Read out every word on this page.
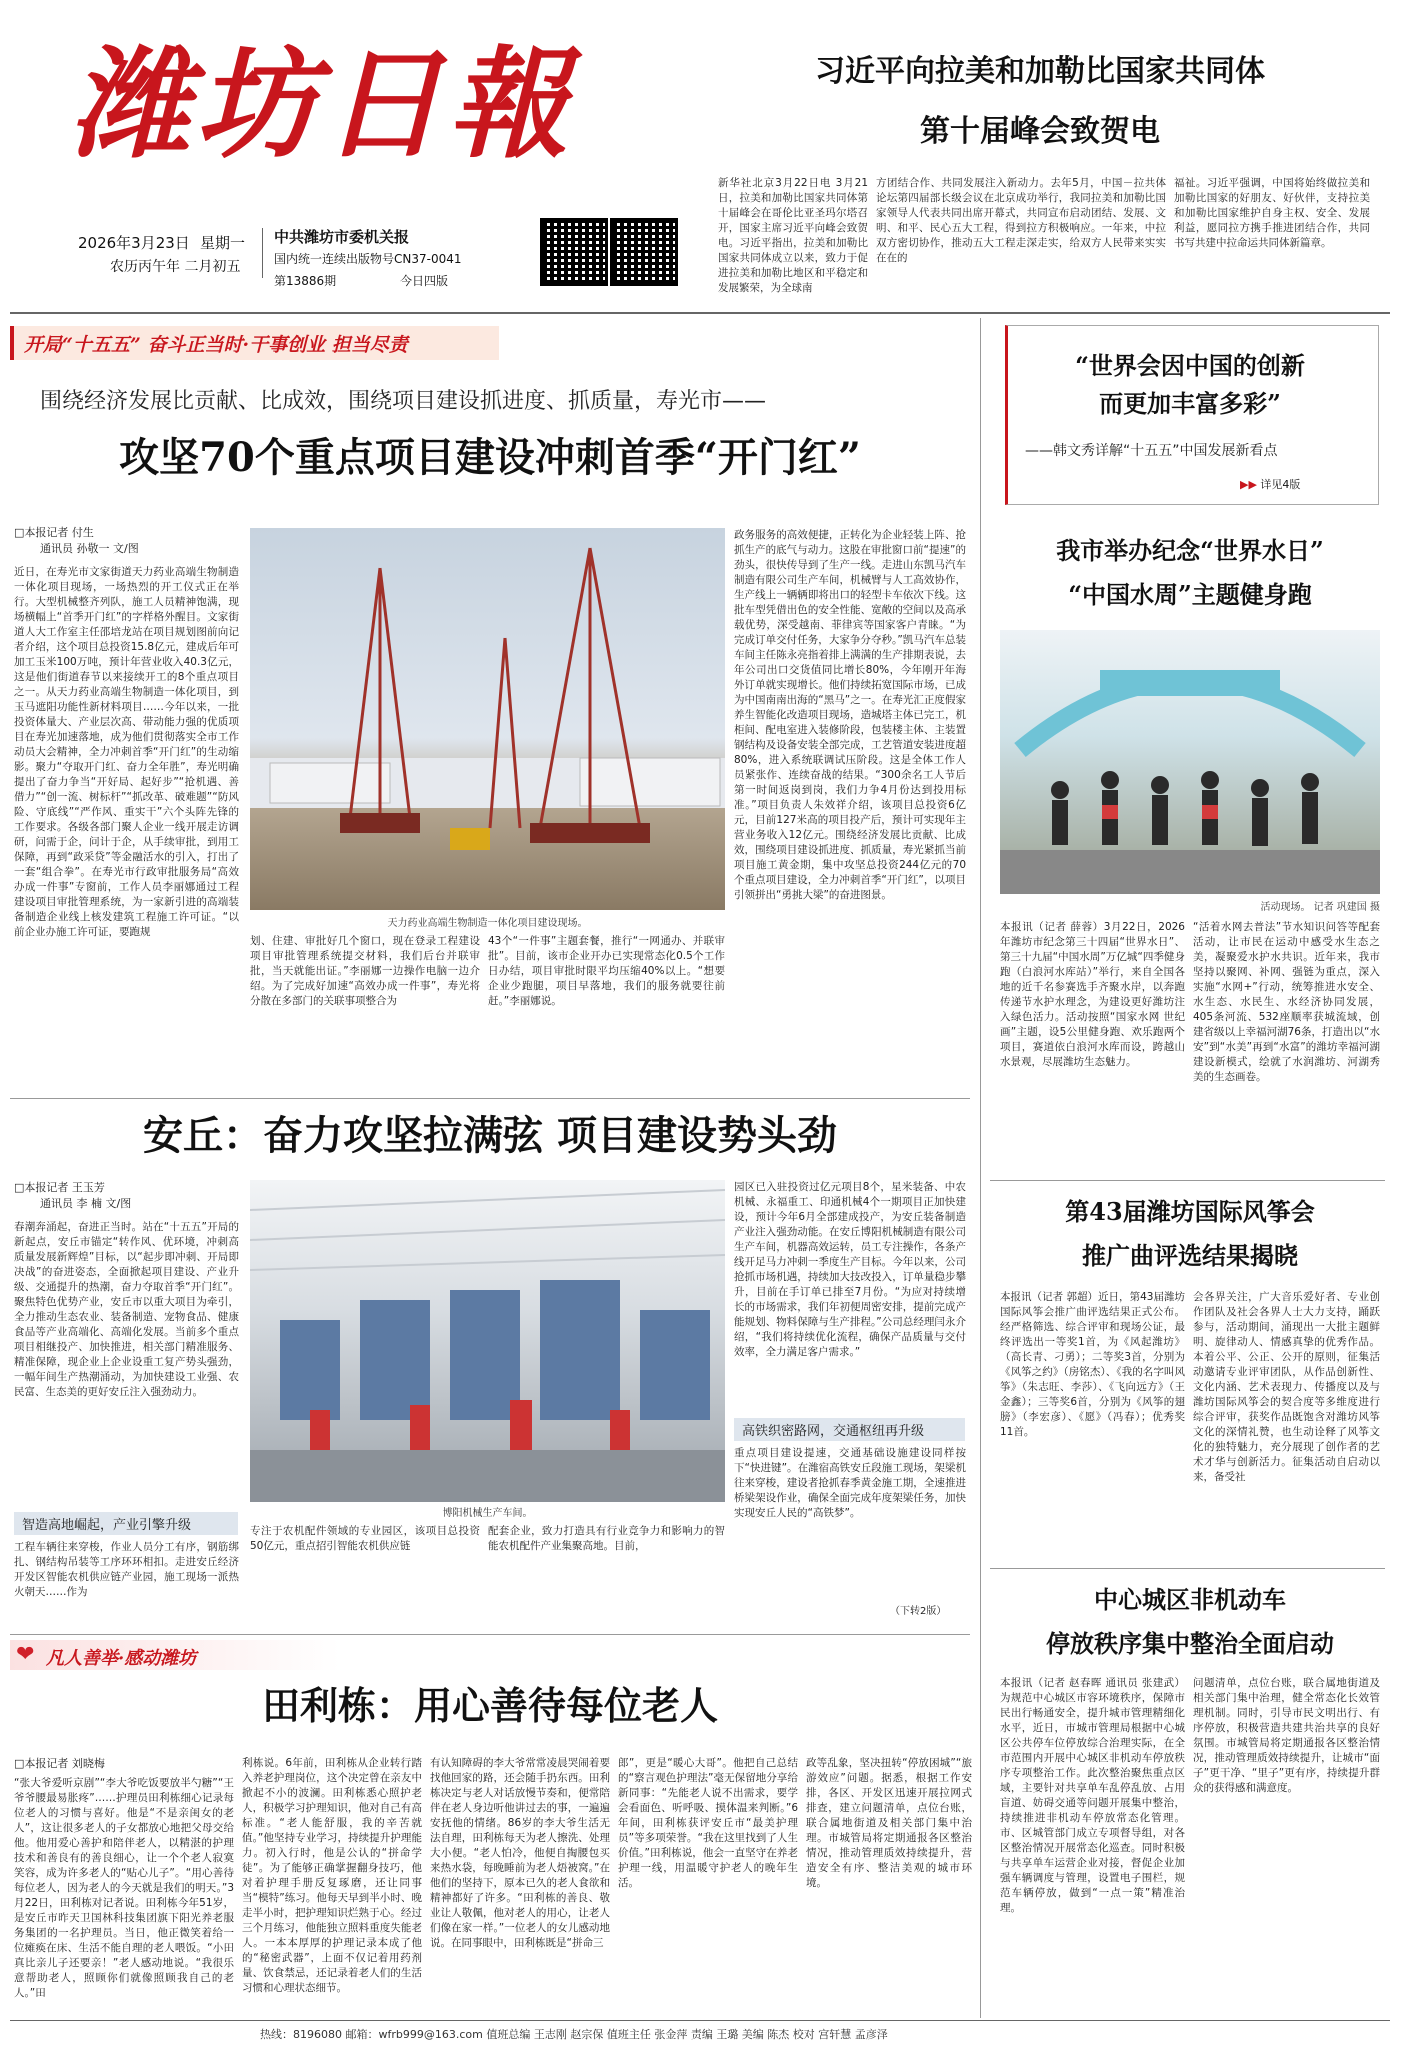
潍坊日報
2026年3月23日 星期一
农历丙午年 二月初五
中共潍坊市委机关报
国内统一连续出版物号CN37-0041
第13886期	今日四版
习近平向拉美和加勒比国家共同体
第十届峰会致贺电
新华社北京3月22日电 3月21日，拉美和加勒比国家共同体第十届峰会在哥伦比亚圣玛尔塔召开，国家主席习近平向峰会致贺电。习近平指出，拉美和加勒比国家共同体成立以来，致力于促进拉美和加勒比地区和平稳定和发展繁荣，为全球南
方团结合作、共同发展注入新动力。去年5月，中国－拉共体论坛第四届部长级会议在北京成功举行，我同拉美和加勒比国家领导人代表共同出席开幕式，共同宣布启动团结、发展、文明、和平、民心五大工程，得到拉方积极响应。一年来，中拉双方密切协作，推动五大工程走深走实，给双方人民带来实实在在的
福祉。习近平强调，中国将始终做拉美和加勒比国家的好朋友、好伙伴，支持拉美和加勒比国家维护自身主权、安全、发展利益，愿同拉方携手推进团结合作，共同书写共建中拉命运共同体新篇章。
开局“十五五” 奋斗正当时·干事创业 担当尽责
围绕经济发展比贡献、比成效，围绕项目建设抓进度、抓质量，寿光市——
攻坚70个重点项目建设冲刺首季“开门红”
□本报记者 付生
通讯员 孙敬一 文/图
近日，在寿光市文家街道天力药业高端生物制造一体化项目现场，一场热烈的开工仪式正在举行。大型机械整齐列队，施工人员精神饱满，现场横幅上“首季开门红”的字样格外醒目。文家街道人大工作室主任邵培龙站在项目规划图前向记者介绍，这个项目总投资15.8亿元，建成后年可加工玉米100万吨，预计年营业收入40.3亿元，这是他们街道春节以来接续开工的8个重点项目之一。从天力药业高端生物制造一体化项目，到玉马遮阳功能性新材料项目……今年以来，一批投资体量大、产业层次高、带动能力强的优质项目在寿光加速落地，成为他们贯彻落实全市工作动员大会精神，全力冲刺首季“开门红”的生动缩影。聚力“夺取开门红、奋力全年胜”，寿光明确提出了奋力争当“开好局、起好步”“抢机遇、善借力”“创一流、树标杆”“抓改革、破难题”“防风险、守底线”“严作风、重实干”六个头阵先锋的工作要求。各级各部门聚人企业一线开展走访调研，问需于企，问计于企，从手续审批，到用工保障，再到“政采贷”等金融活水的引入，打出了一套“组合拳”。在寿光市行政审批服务局“高效办成一件事”专窗前，工作人员李丽娜通过工程建设项目审批管理系统，为一家新引进的高端装备制造企业线上核发建筑工程施工许可证。“以前企业办施工许可证，要跑规
天力药业高端生物制造一体化项目建设现场。
划、住建、审批好几个窗口，现在登录工程建设项目审批管理系统提交材料，我们后台并联审批，当天就能出证。”李丽娜一边操作电脑一边介绍。为了完成好加速“高效办成一件事”，寿光将分散在多部门的关联事项整合为
43个“一件事”主题套餐，推行“一网通办、并联审批”。目前，该市企业开办已实现常态化0.5个工作日办结，项目审批时限平均压缩40%以上。“想要企业少跑腿，项目早落地，我们的服务就要往前赶。”李丽娜说。
政务服务的高效便捷，正转化为企业轻装上阵、抢抓生产的底气与动力。这股在审批窗口前“提速”的劲头，很快传导到了生产一线。走进山东凯马汽车制造有限公司生产车间，机械臂与人工高效协作，生产线上一辆辆即将出口的轻型卡车依次下线。这批车型凭借出色的安全性能、宽敞的空间以及高承载优势，深受越南、菲律宾等国家客户青睐。“为完成订单交付任务，大家争分夺秒。”凯马汽车总装车间主任陈永亮指着排上满满的生产排期表说，去年公司出口交货值同比增长80%，今年刚开年海外订单就实现增长。他们持续拓宽国际市场，已成为中国南南出海的“黑马”之一。在寿光汇正度假家养生智能化改造项目现场，造城塔主体已完工，机柜间、配电室进入装修阶段，包装楼主体、主装置钢结构及设备安装全部完成，工艺管道安装进度超80%，进入系统联调试压阶段。这是全体工作人员紧张作、连续奋战的结果。“300余名工人节后第一时间返岗到岗，我们力争4月份达到投用标准。”项目负责人朱效祥介绍，该项目总投资6亿元，目前127米高的项目投产后，预计可实现年主营业务收入12亿元。围绕经济发展比贡献、比成效，围绕项目建设抓进度、抓质量，寿光紧抓当前项目施工黄金期，集中攻坚总投资244亿元的70个重点项目建设，全力冲刺首季“开门红”，以项目引领拼出“勇挑大梁”的奋进图景。
安丘：奋力攻坚拉满弦 项目建设势头劲
□本报记者 王玉芳
通讯员 李 楠 文/图
春潮奔涌起，奋进正当时。站在“十五五”开局的新起点，安丘市锚定“转作风、优环境，冲刺高质量发展新辉煌”目标，以“起步即冲刺、开局即决战”的奋进姿态，全面掀起项目建设、产业升级、交通提升的热潮，奋力夺取首季“开门红”。聚焦特色优势产业，安丘市以重大项目为牵引，全力推动生态农业、装备制造、宠物食品、健康食品等产业高端化、高端化发展。当前多个重点项目相继投产、加快推进，相关部门精准服务、精准保障，现企业上企业设重工复产势头强劲，一幅年间生产热潮涌动，为加快建设工业强、农民富、生态美的更好安丘注入强劲动力。
智造高地崛起，产业引擎升级
工程车辆往来穿梭，作业人员分工有序，钢筋绑扎、钢结构吊装等工序环环相扣。走进安丘经济开发区智能农机供应链产业园，施工现场一派热火朝天……作为
博阳机械生产车间。
专注于农机配件领域的专业园区，该项目总投资50亿元，重点招引智能农机供应链
配套企业，致力打造具有行业竞争力和影响力的智能农机配件产业集聚高地。目前，
园区已入驻投资过亿元项目8个，星米装备、中农机械、永福重工、印通机械4个一期项目正加快建设，预计今年6月全部建成投产，为安丘装备制造产业注入强劲动能。在安丘博阳机械制造有限公司生产车间，机器高效运转，员工专注操作，各条产线开足马力冲刺一季度生产目标。今年以来，公司抢抓市场机遇，持续加大技改投入，订单量稳步攀升，目前在手订单已排至7月份。“为应对持续增长的市场需求，我们年初便周密安排，提前完成产能规划、物料保障与生产排程。”公司总经理闫永介绍，“我们将持续优化流程，确保产品质量与交付效率，全力满足客户需求。”
高铁织密路网，交通枢纽再升级
重点项目建设提速，交通基础设施建设同样按下“快进键”。在潍宿高铁安丘段施工现场，架梁机往来穿梭，建设者抢抓春季黄金施工期，全速推进桥梁架设作业，确保全面完成年度架梁任务，加快实现安丘人民的“高铁梦”。
（下转2版）
❤ 凡人善举·感动潍坊
田利栋：用心善待每位老人
□本报记者 刘晓梅
“张大爷爱听京剧”“李大爷吃饭要放半勺糖”“王爷爷腰最易胀疼”……护理员田利栋细心记录每位老人的习惯与喜好。他是“不是亲闺女的老人”，这让很多老人的子女都放心地把父母交给他。他用爱心善护和陪伴老人，以精湛的护理技术和善良有的善良细心，让一个个老人寂寞笑容，成为许多老人的“贴心儿子”。“用心善待每位老人，因为老人的今天就是我们的明天。”3月22日，田利栋对记者说。田利栋今年51岁，是安丘市昨天卫国林科技集团旗下阳光养老服务集团的一名护理员。当日，他正微笑着给一位瘫痪在床、生活不能自理的老人喂饭。“小田真比亲儿子还要亲！”老人感动地说。“我很乐意帮助老人，照顾你们就像照顾我自己的老人。”田
利栋说。6年前，田利栋从企业转行踏入养老护理岗位，这个决定曾在亲友中掀起不小的波澜。田利栋悉心照护老人，积极学习护理知识，他对自己有高标准。“老人能舒服，我的辛苦就值。”他坚持专业学习，持续提升护理能力。初入行时，他是公认的“拼命学徒”。为了能够正确掌握翻身技巧，他对着护理手册反复琢磨，还让同事当“模特”练习。他每天早到半小时、晚走半小时，把护理知识烂熟于心。经过三个月练习，他能独立照料重度失能老人。一本本厚厚的护理记录本成了他的“秘密武器”，上面不仅记着用药剂量、饮食禁忌，还记录着老人们的生活习惯和心理状态细节。
有认知障碍的李大爷常常凌晨哭闹着要找他回家的路，还会随手扔东西。田利栋决定与老人对话放慢节奏和，便常陪伴在老人身边听他讲过去的事，一遍遍安抚他的情绪。86岁的李大爷生活无法自理，田利栋每天为老人擦洗、处理大小便。“老人怕冷，他便自掏腰包买来热水袋，每晚睡前为老人焐被窝。”在他们的坚持下，原本已久的老人食欲和精神都好了许多。“田利栋的善良、敬业让人敬佩，他对老人的用心，让老人们像在家一样。”一位老人的女儿感动地说。在同事眼中，田利栋既是“拼命三
郎”，更是“暖心大哥”。他把自己总结的“察言观色护理法”毫无保留地分享给新同事：“先能老人说不出需求，要学会看面色、听呼吸、摸体温来判断。”6年间，田利栋获评安丘市“最美护理员”等多项荣誉。“我在这里找到了人生价值。”田利栋说，他会一直坚守在养老护理一线，用温暖守护老人的晚年生活。
“世界会因中国的创新
而更加丰富多彩”
——韩文秀详解“十五五”中国发展新看点
▶▶ 详见4版
我市举办纪念“世界水日”
“中国水周”主题健身跑
活动现场。 记者 巩建国 摄
本报讯（记者 薛蓉）3月22日，2026年潍坊市纪念第三十四届“世界水日”、第三十九届“中国水周”万亿城“四季健身跑（白浪河水库站）”举行，来自全国各地的近千名参赛选手齐聚水岸，以奔跑传递节水护水理念，为建设更好潍坊注入绿色活力。活动按照“国家水网 世纪画”主题，设5公里健身跑、欢乐跑两个项目，赛道依白浪河水库而设，跨越山水景观，尽展潍坊生态魅力。
“活着水网去普法”节水知识问答等配套活动，让市民在运动中感受水生态之美，凝聚爱水护水共识。近年来，我市坚持以聚网、补网、强链为重点，深入实施“水网+”行动，统筹推进水安全、水生态、水民生、水经济协同发展，405条河流、532座顺率获城流域，创建省级以上幸福河湖76条，打造出以“水安”到“水美”再到“水富”的潍坊幸福河湖建设新模式，绘就了水润潍坊、河湖秀美的生态画卷。
第43届潍坊国际风筝会
推广曲评选结果揭晓
本报讯（记者 郭超）近日，第43届潍坊国际风筝会推广曲评选结果正式公布。经严格筛选、综合评审和现场公证，最终评选出一等奖1首，为《风起潍坊》（高长青、刁勇）；二等奖3首，分别为《风筝之约》（房铭杰）、《我的名字叫风筝》（朱志旺、李莎）、《飞向远方》（王金鑫）；三等奖6首，分别为《风筝的翅膀》（李宏彦）、《愿》（冯春）；优秀奖11首。
会各界关注，广大音乐爱好者、专业创作团队及社会各界人士大力支持，踊跃参与，活动期间，涌现出一大批主题鲜明、旋律动人、情感真挚的优秀作品。本着公平、公正、公开的原则，征集活动邀请专业评审团队，从作品创新性、文化内涵、艺术表现力、传播度以及与潍坊国际风筝会的契合度等多维度进行综合评审，获奖作品既饱含对潍坊风筝文化的深情礼赞，也生动诠释了风筝文化的独特魅力，充分展现了创作者的艺术才华与创新活力。征集活动自启动以来，备受社
中心城区非机动车
停放秩序集中整治全面启动
本报讯（记者 赵春晖 通讯员 张建武）为规范中心城区市容环境秩序，保障市民出行畅通安全，提升城市管理精细化水平，近日，市城市管理局根据中心城区公共停车位停放综合治理实际，在全市范围内开展中心城区非机动车停放秩序专项整治工作。此次整治聚焦重点区域，主要针对共享单车乱停乱放、占用盲道、妨碍交通等问题开展集中整治，持续推进非机动车停放常态化管理。市、区城管部门成立专项督导组，对各区整治情况开展常态化巡查。同时积极与共享单车运营企业对接，督促企业加强车辆调度与管理，设置电子围栏，规范车辆停放，做到“一点一策”精准治理。
问题清单，点位台账，联合属地街道及相关部门集中治理，健全常态化长效管理机制。同时，引导市民文明出行、有序停放，积极营造共建共治共享的良好氛围。市城管局将定期通报各区整治情况，推动管理质效持续提升，让城市“面子”更干净、“里子”更有序，持续提升群众的获得感和满意度。
政等乱象，坚决扭转“停放困城”“旅游效应”问题。据悉，根据工作安排，各区、开发区迅速开展拉网式排查，建立问题清单，点位台账，联合属地街道及相关部门集中治理。市城管局将定期通报各区整治情况，推动管理质效持续提升，营造安全有序、整洁美观的城市环境。
热线：8196080 邮箱：wfrb999@163.com 值班总编 王志刚 赵宗保 值班主任 张金萍 责编 王璐 美编 陈杰 校对 宫轩慧 孟彦泽
